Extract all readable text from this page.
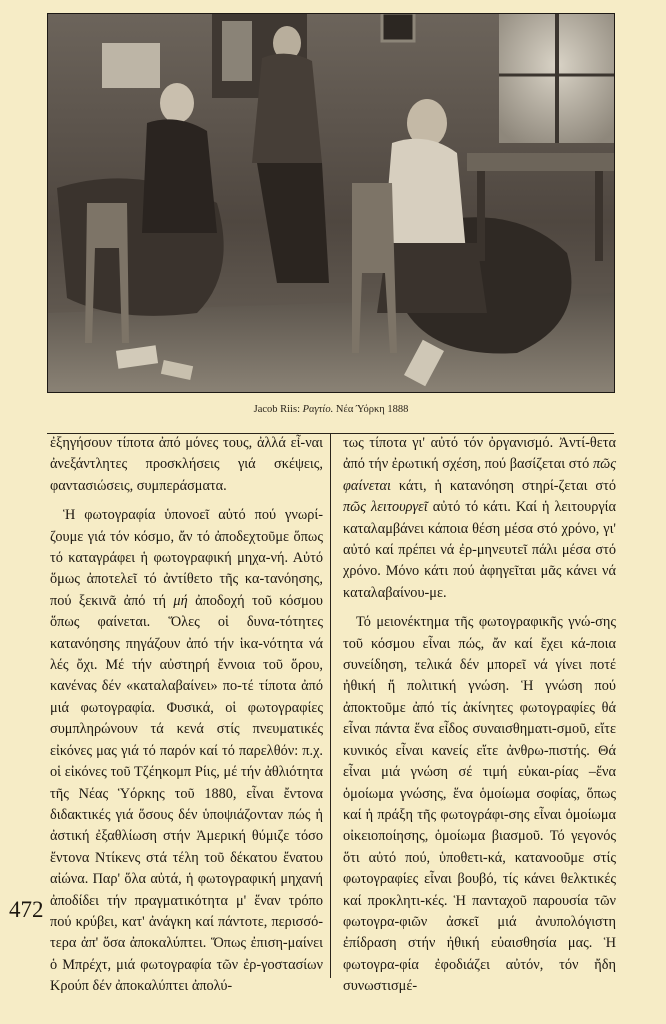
Jacob Riis: Ραγτίο. Νέα Ύόρκη 1888

ἐξηγήσουν τίποτα ἀπό μόνες τους, ἀλλά εἶ-ναι ἀνεξάντλητες προσκλήσεις γιά σκέψεις, φαντασιώσεις, συμπεράσματα.

Ἡ φωτογραφία ὑπονοεῖ αὐτό πού γνωρί-ζουμε γιά τόν κόσμο, ἄν τό ἀποδεχτοῦμε ὅπως τό καταγράφει ἡ φωτογραφική μηχα-νή. Αὐτό ὅμως ἀποτελεῖ τό ἀντίθετο τῆς κα-τανόησης, πού ξεκινᾶ ἀπό τή μή ἀποδοχή τοῦ κόσμου ὅπως φαίνεται. Ὅλες οἱ δυνα-τότητες κατανόησης πηγάζουν ἀπό τήν ἱκα-νότητα νά λές ὄχι. Μέ τήν αὐστηρή ἔννοια τοῦ ὅρου, κανένας δέν «καταλαβαίνει» πο-τέ τίποτα ἀπό μιά φωτογραφία. Φυσικά, οἱ φωτογραφίες συμπληρώνουν τά κενά στίς πνευματικές εἰκόνες μας γιά τό παρόν καί τό παρελθόν: π.χ. οἱ εἰκόνες τοῦ Τζέηκομπ Ρίις, μέ τήν ἀθλιότητα τῆς Νέας Ὑόρκης τοῦ 1880, εἶναι ἔντονα διδακτικές γιά ὅσους δέν ὑποψιάζονταν πώς ἡ ἀστική ἐξαθλίωση στήν Ἀμερική θύμιζε τόσο ἔντονα Ντίκενς στά τέλη τοῦ δέκατου ἔνατου αἰώνα. Παρ' ὅλα αὐτά, ἡ φωτογραφική μηχανή ἀποδίδει τήν πραγματικότητα μ' ἕναν τρόπο πού κρύβει, κατ' ἀνάγκη καί πάντοτε, περισσό-τερα ἀπ' ὅσα ἀποκαλύπτει. Ὅπως ἐπιση-μαίνει ὁ Μπρέχτ, μιά φωτογραφία τῶν ἐρ-γοστασίων Κρούπ δέν ἀποκαλύπτει ἀπολύ-

τως τίποτα γι' αὐτό τόν ὀργανισμό. Ἀντί-θετα ἀπό τήν ἐρωτική σχέση, πού βασίζεται στό πῶς φαίνεται κάτι, ἡ κατανόηση στηρί-ζεται στό πῶς λειτουργεῖ αὐτό τό κάτι. Καί ἡ λειτουργία καταλαμβάνει κάποια θέση μέσα στό χρόνο, γι' αὐτό καί πρέπει νά ἐρ-μηνευτεῖ πάλι μέσα στό χρόνο. Μόνο κάτι πού ἀφηγεῖται μᾶς κάνει νά καταλαβαίνου-με.

Τό μειονέκτημα τῆς φωτογραφικῆς γνώ-σης τοῦ κόσμου εἶναι πώς, ἄν καί ἔχει κά-ποια συνείδηση, τελικά δέν μπορεῖ νά γίνει ποτέ ἠθική ἤ πολιτική γνώση. Ἡ γνώση πού ἀποκτοῦμε ἀπό τίς ἀκίνητες φωτογραφίες θά εἶναι πάντα ἕνα εἶδος συναισθηματι-σμοῦ, εἴτε κυνικός εἶναι κανείς εἴτε ἀνθρω-πιστής. Θά εἶναι μιά γνώση σέ τιμή εὐκαι-ρίας –ἕνα ὁμοίωμα γνώσης, ἕνα ὁμοίωμα σοφίας, ὅπως καί ἡ πράξη τῆς φωτογράφι-σης εἶναι ὁμοίωμα οἰκειοποίησης, ὁμοίωμα βιασμοῦ. Τό γεγονός ὅτι αὐτό πού, ὑποθετι-κά, κατανοοῦμε στίς φωτογραφίες εἶναι βουβό, τίς κάνει θελκτικές καί προκλητι-κές. Ἡ πανταχοῦ παρουσία τῶν φωτογρα-φιῶν ἀσκεῖ μιά ἀνυπολόγιστη ἐπίδραση στήν ἠθική εὐαισθησία μας. Ἡ φωτογρα-φία ἐφοδιάζει αὐτόν, τόν ἤδη συνωστισμέ-

472
